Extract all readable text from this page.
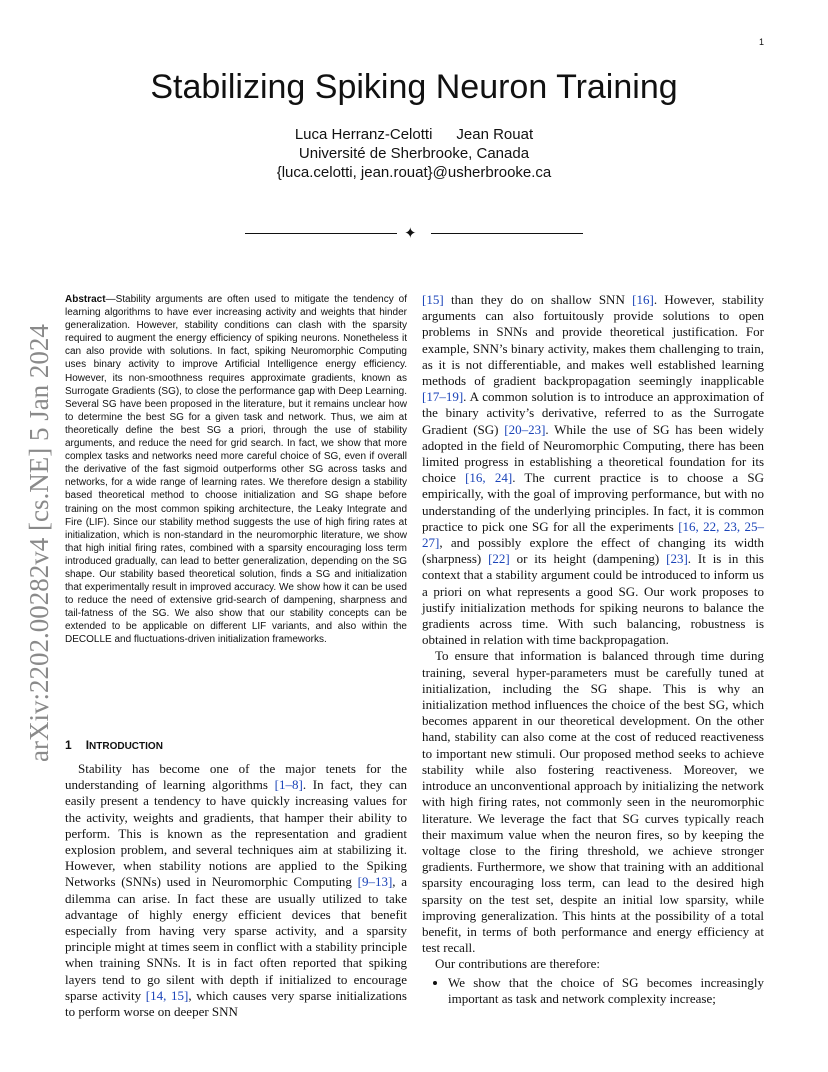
1
arXiv:2202.00282v4 [cs.NE] 5 Jan 2024
Stabilizing Spiking Neuron Training
Luca Herranz-Celotti Jean Rouat
Université de Sherbrooke, Canada
{luca.celotti, jean.rouat}@usherbrooke.ca
✦
Abstract—Stability arguments are often used to mitigate the tendency of learning algorithms to have ever increasing activity and weights that hinder generalization. However, stability conditions can clash with the sparsity required to augment the energy efficiency of spiking neurons. Nonetheless it can also provide with solutions. In fact, spiking Neuromorphic Computing uses binary activity to improve Artificial Intelligence energy efficiency. However, its non-smoothness requires approximate gradients, known as Surrogate Gradients (SG), to close the performance gap with Deep Learning. Several SG have been proposed in the literature, but it remains unclear how to determine the best SG for a given task and network. Thus, we aim at theoretically define the best SG a priori, through the use of stability arguments, and reduce the need for grid search. In fact, we show that more complex tasks and networks need more careful choice of SG, even if overall the derivative of the fast sigmoid outperforms other SG across tasks and networks, for a wide range of learning rates. We therefore design a stability based theoretical method to choose initialization and SG shape before training on the most common spiking architecture, the Leaky Integrate and Fire (LIF). Since our stability method suggests the use of high firing rates at initialization, which is non-standard in the neuromorphic literature, we show that high initial firing rates, combined with a sparsity encouraging loss term introduced gradually, can lead to better generalization, depending on the SG shape. Our stability based theoretical solution, finds a SG and initialization that experimentally result in improved accuracy. We show how it can be used to reduce the need of extensive grid-search of dampening, sharpness and tail-fatness of the SG. We also show that our stability concepts can be extended to be applicable on different LIF variants, and also within the DECOLLE and fluctuations-driven initialization frameworks.
1 INTRODUCTION

Stability has become one of the major tenets for the understanding of learning algorithms [1–8]. In fact, they can easily present a tendency to have quickly increasing values for the activity, weights and gradients, that hamper their ability to perform. This is known as the representation and gradient explosion problem, and several techniques aim at stabilizing it. However, when stability notions are applied to the Spiking Networks (SNNs) used in Neuromorphic Computing [9–13], a dilemma can arise. In fact these are usually utilized to take advantage of highly energy efficient devices that benefit especially from having very sparse activity, and a sparsity principle might at times seem in conflict with a stability principle when training SNNs. It is in fact often reported that spiking layers tend to go silent with depth if initialized to encourage sparse activity [14, 15], which causes very sparse initializations to perform worse on deeper SNN

[15] than they do on shallow SNN [16]. However, stability arguments can also fortuitously provide solutions to open problems in SNNs and provide theoretical justification. For example, SNN’s binary activity, makes them challenging to train, as it is not differentiable, and makes well established learning methods of gradient backpropagation seemingly inapplicable [17–19]. A common solution is to introduce an approximation of the binary activity’s derivative, referred to as the Surrogate Gradient (SG) [20–23]. While the use of SG has been widely adopted in the field of Neuromorphic Computing, there has been limited progress in establishing a theoretical foundation for its choice [16, 24]. The current practice is to choose a SG empirically, with the goal of improving performance, but with no understanding of the underlying principles. In fact, it is common practice to pick one SG for all the experiments [16, 22, 23, 25–27], and possibly explore the effect of changing its width (sharpness) [22] or its height (dampening) [23]. It is in this context that a stability argument could be introduced to inform us a priori on what represents a good SG. Our work proposes to justify initialization methods for spiking neurons to balance the gradients across time. With such balancing, robustness is obtained in relation with time backpropagation.

To ensure that information is balanced through time during training, several hyper-parameters must be carefully tuned at initialization, including the SG shape. This is why an initialization method influences the choice of the best SG, which becomes apparent in our theoretical development. On the other hand, stability can also come at the cost of reduced reactiveness to important new stimuli. Our proposed method seeks to achieve stability while also fostering reactiveness. Moreover, we introduce an unconventional approach by initializing the network with high firing rates, not commonly seen in the neuromorphic literature. We leverage the fact that SG curves typically reach their maximum value when the neuron fires, so by keeping the voltage close to the firing threshold, we achieve stronger gradients. Furthermore, we show that training with an additional sparsity encouraging loss term, can lead to the desired high sparsity on the test set, despite an initial low sparsity, while improving generalization. This hints at the possibility of a total benefit, in terms of both performance and energy efficiency at test recall.

Our contributions are therefore:

• We show that the choice of SG becomes increasingly important as task and network complexity increase;
